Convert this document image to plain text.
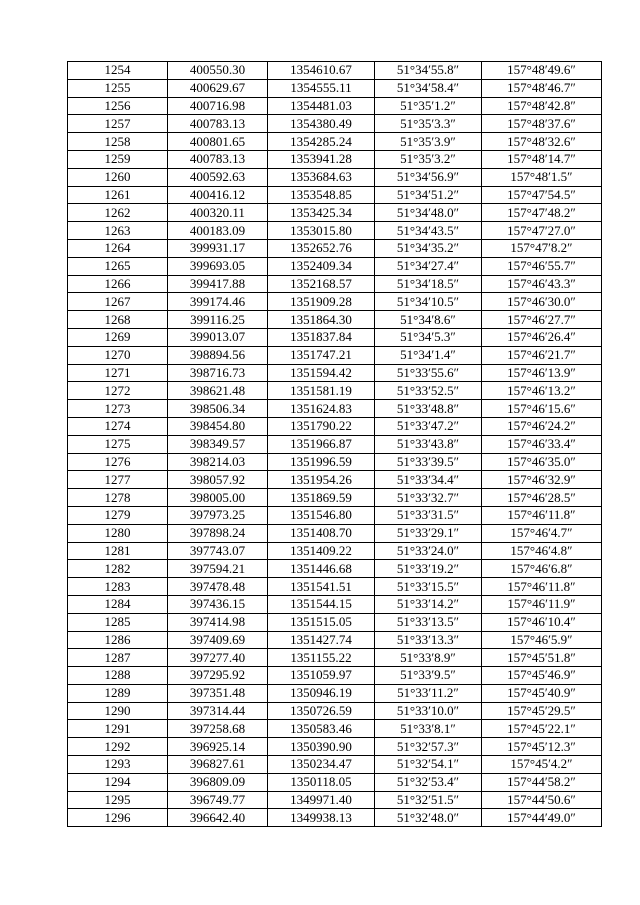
1254	400550.30	1354610.67	51°34′55.8″	157°48′49.6″
1255	400629.67	1354555.11	51°34′58.4″	157°48′46.7″
1256	400716.98	1354481.03	51°35′1.2″	157°48′42.8″
1257	400783.13	1354380.49	51°35′3.3″	157°48′37.6″
1258	400801.65	1354285.24	51°35′3.9″	157°48′32.6″
1259	400783.13	1353941.28	51°35′3.2″	157°48′14.7″
1260	400592.63	1353684.63	51°34′56.9″	157°48′1.5″
1261	400416.12	1353548.85	51°34′51.2″	157°47′54.5″
1262	400320.11	1353425.34	51°34′48.0″	157°47′48.2″
1263	400183.09	1353015.80	51°34′43.5″	157°47′27.0″
1264	399931.17	1352652.76	51°34′35.2″	157°47′8.2″
1265	399693.05	1352409.34	51°34′27.4″	157°46′55.7″
1266	399417.88	1352168.57	51°34′18.5″	157°46′43.3″
1267	399174.46	1351909.28	51°34′10.5″	157°46′30.0″
1268	399116.25	1351864.30	51°34′8.6″	157°46′27.7″
1269	399013.07	1351837.84	51°34′5.3″	157°46′26.4″
1270	398894.56	1351747.21	51°34′1.4″	157°46′21.7″
1271	398716.73	1351594.42	51°33′55.6″	157°46′13.9″
1272	398621.48	1351581.19	51°33′52.5″	157°46′13.2″
1273	398506.34	1351624.83	51°33′48.8″	157°46′15.6″
1274	398454.80	1351790.22	51°33′47.2″	157°46′24.2″
1275	398349.57	1351966.87	51°33′43.8″	157°46′33.4″
1276	398214.03	1351996.59	51°33′39.5″	157°46′35.0″
1277	398057.92	1351954.26	51°33′34.4″	157°46′32.9″
1278	398005.00	1351869.59	51°33′32.7″	157°46′28.5″
1279	397973.25	1351546.80	51°33′31.5″	157°46′11.8″
1280	397898.24	1351408.70	51°33′29.1″	157°46′4.7″
1281	397743.07	1351409.22	51°33′24.0″	157°46′4.8″
1282	397594.21	1351446.68	51°33′19.2″	157°46′6.8″
1283	397478.48	1351541.51	51°33′15.5″	157°46′11.8″
1284	397436.15	1351544.15	51°33′14.2″	157°46′11.9″
1285	397414.98	1351515.05	51°33′13.5″	157°46′10.4″
1286	397409.69	1351427.74	51°33′13.3″	157°46′5.9″
1287	397277.40	1351155.22	51°33′8.9″	157°45′51.8″
1288	397295.92	1351059.97	51°33′9.5″	157°45′46.9″
1289	397351.48	1350946.19	51°33′11.2″	157°45′40.9″
1290	397314.44	1350726.59	51°33′10.0″	157°45′29.5″
1291	397258.68	1350583.46	51°33′8.1″	157°45′22.1″
1292	396925.14	1350390.90	51°32′57.3″	157°45′12.3″
1293	396827.61	1350234.47	51°32′54.1″	157°45′4.2″
1294	396809.09	1350118.05	51°32′53.4″	157°44′58.2″
1295	396749.77	1349971.40	51°32′51.5″	157°44′50.6″
1296	396642.40	1349938.13	51°32′48.0″	157°44′49.0″
